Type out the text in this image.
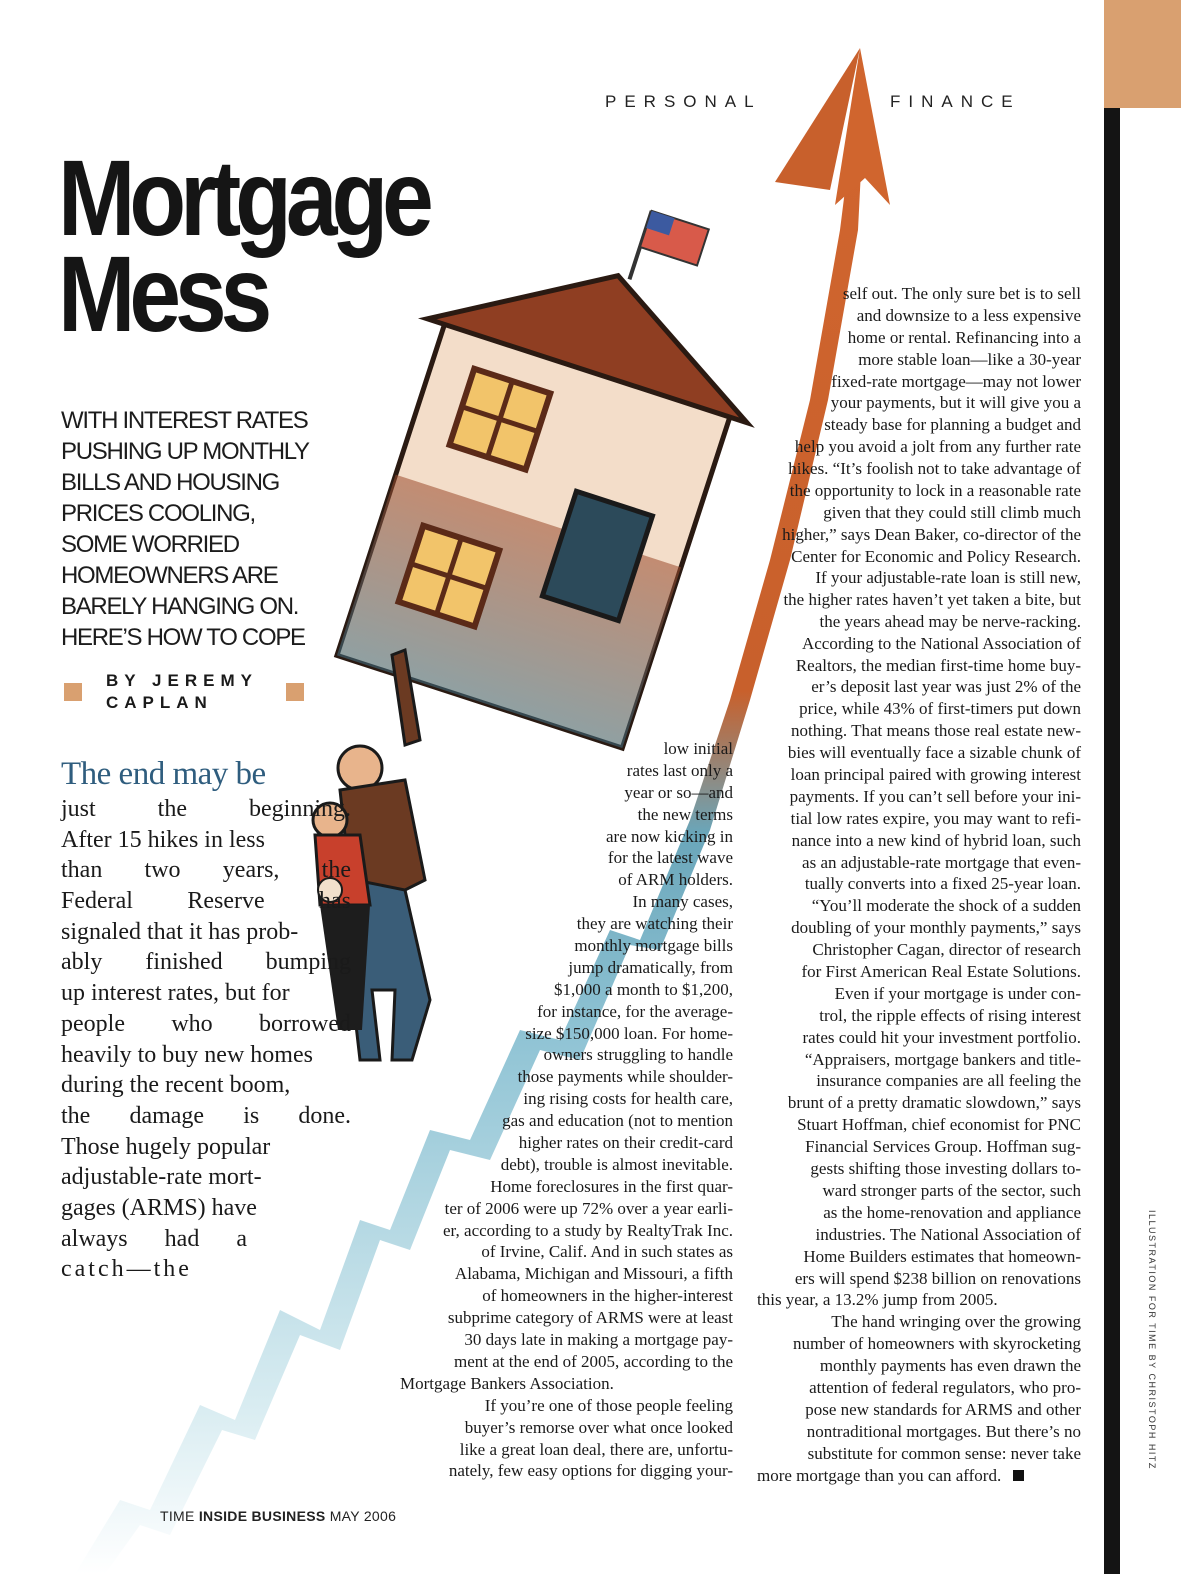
ILLUSTRATION FOR TIME BY CHRISTOPH HITZ
PERSONAL	FINANCE
Mortgage
Mess
WITH INTEREST RATES
PUSHING UP MONTHLY
BILLS AND HOUSING
PRICES COOLING,
SOME WORRIED
HOMEOWNERS ARE
BARELY HANGING ON.
HERE’S HOW TO COPE
BY JEREMY
CAPLAN
The end may be
just the beginning.
After 15 hikes in less
than two years, the
Federal Reserve has
signaled that it has prob-
ably finished bumping
up interest rates, but for
people who borrowed
heavily to buy new homes
during the recent boom,
the damage is done.
Those hugely popular
adjustable-rate mort-
gages (ARMS) have
always had a
catch—the
low initial
rates last only a
year or so—and
the new terms
are now kicking in
for the latest wave
of ARM holders.
In many cases,
they are watching their
monthly mortgage bills
jump dramatically, from
$1,000 a month to $1,200,
for instance, for the average-
size $150,000 loan. For home-
owners struggling to handle
those payments while shoulder-
ing rising costs for health care,
gas and education (not to mention
higher rates on their credit-card
debt), trouble is almost inevitable.
Home foreclosures in the first quar-
ter of 2006 were up 72% over a year earli-
er, according to a study by RealtyTrak Inc.
of Irvine, Calif. And in such states as
Alabama, Michigan and Missouri, a fifth
of homeowners in the higher-interest
subprime category of ARMS were at least
30 days late in making a mortgage pay-
ment at the end of 2005, according to the
Mortgage Bankers Association.
If you’re one of those people feeling
buyer’s remorse over what once looked
like a great loan deal, there are, unfortu-
nately, few easy options for digging your-
self out. The only sure bet is to sell
and downsize to a less expensive
home or rental. Refinancing into a
more stable loan—like a 30-year
fixed-rate mortgage—may not lower
your payments, but it will give you a
steady base for planning a budget and
help you avoid a jolt from any further rate
hikes. “It’s foolish not to take advantage of
the opportunity to lock in a reasonable rate
given that they could still climb much
higher,” says Dean Baker, co-director of the
Center for Economic and Policy Research.
If your adjustable-rate loan is still new,
the higher rates haven’t yet taken a bite, but
the years ahead may be nerve-racking.
According to the National Association of
Realtors, the median first-time home buy-
er’s deposit last year was just 2% of the
price, while 43% of first-timers put down
nothing. That means those real estate new-
bies will eventually face a sizable chunk of
loan principal paired with growing interest
payments. If you can’t sell before your ini-
tial low rates expire, you may want to refi-
nance into a new kind of hybrid loan, such
as an adjustable-rate mortgage that even-
tually converts into a fixed 25-year loan.
“You’ll moderate the shock of a sudden
doubling of your monthly payments,” says
Christopher Cagan, director of research
for First American Real Estate Solutions.
Even if your mortgage is under con-
trol, the ripple effects of rising interest
rates could hit your investment portfolio.
“Appraisers, mortgage bankers and title-
insurance companies are all feeling the
brunt of a pretty dramatic slowdown,” says
Stuart Hoffman, chief economist for PNC
Financial Services Group. Hoffman sug-
gests shifting those investing dollars to-
ward stronger parts of the sector, such
as the home-renovation and appliance
industries. The National Association of
Home Builders estimates that homeown-
ers will spend $238 billion on renovations
this year, a 13.2% jump from 2005.
The hand wringing over the growing
number of homeowners with skyrocketing
monthly payments has even drawn the
attention of federal regulators, who pro-
pose new standards for ARMS and other
nontraditional mortgages. But there’s no
substitute for common sense: never take
more mortgage than you can afford.
TIME INSIDE BUSINESS MAY 2006
